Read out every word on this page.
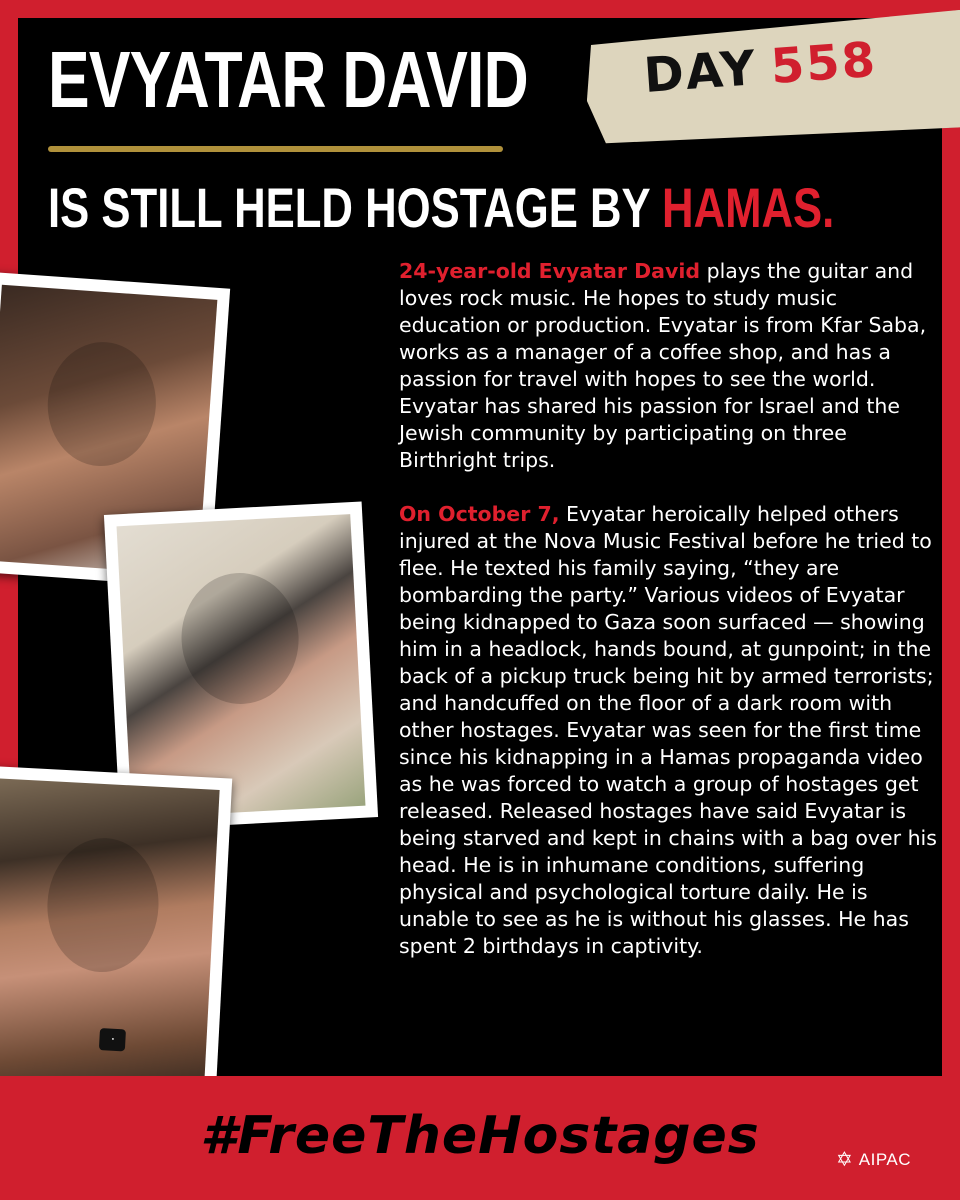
EVYATAR DAVID
IS STILL HELD HOSTAGE BY HAMAS.
DAY 558

24-year-old Evyatar David plays the guitar and loves rock music. He hopes to study music education or production. Evyatar is from Kfar Saba, works as a manager of a coffee shop, and has a passion for travel with hopes to see the world. Evyatar has shared his passion for Israel and the Jewish community by participating on three Birthright trips.

On October 7, Evyatar heroically helped others injured at the Nova Music Festival before he tried to flee. He texted his family saying, “they are bombarding the party.” Various videos of Evyatar being kidnapped to Gaza soon surfaced — showing him in a headlock, hands bound, at gunpoint; in the back of a pickup truck being hit by armed terrorists; and handcuffed on the floor of a dark room with other hostages. Evyatar was seen for the first time since his kidnapping in a Hamas propaganda video as he was forced to watch a group of hostages get released. Released hostages have said Evyatar is being starved and kept in chains with a bag over his head. He is in inhumane conditions, suffering physical and psychological torture daily. He is unable to see as he is without his glasses. He has spent 2 birthdays in captivity.

▪

#FreeTheHostages	✡ AIPAC
